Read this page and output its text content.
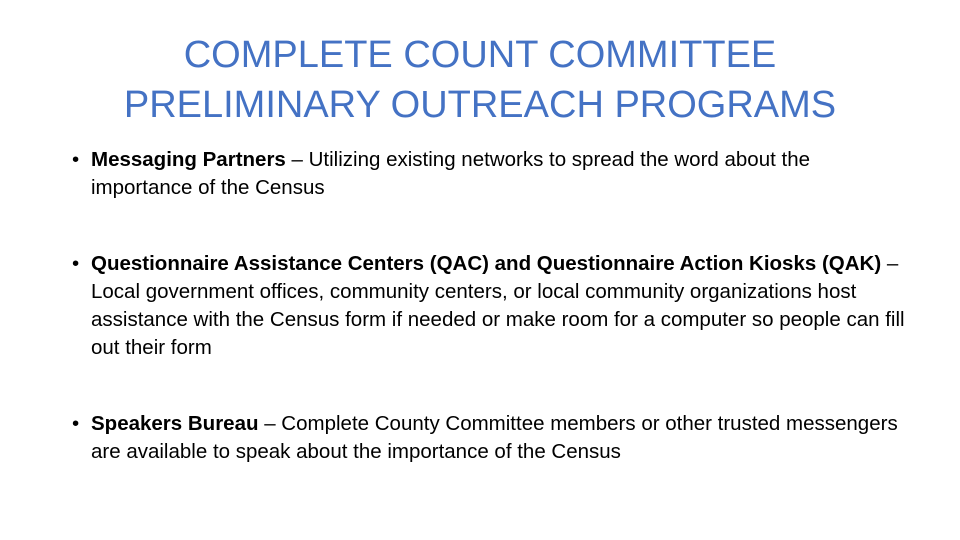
COMPLETE COUNT COMMITTEE
PRELIMINARY OUTREACH PROGRAMS
• Messaging Partners – Utilizing existing networks to spread the word about the importance of the Census
• Questionnaire Assistance Centers (QAC) and Questionnaire Action Kiosks (QAK) – Local government offices, community centers, or local community organizations host assistance with the Census form if needed or make room for a computer so people can fill out their form
• Speakers Bureau – Complete County Committee members or other trusted messengers are available to speak about the importance of the Census
